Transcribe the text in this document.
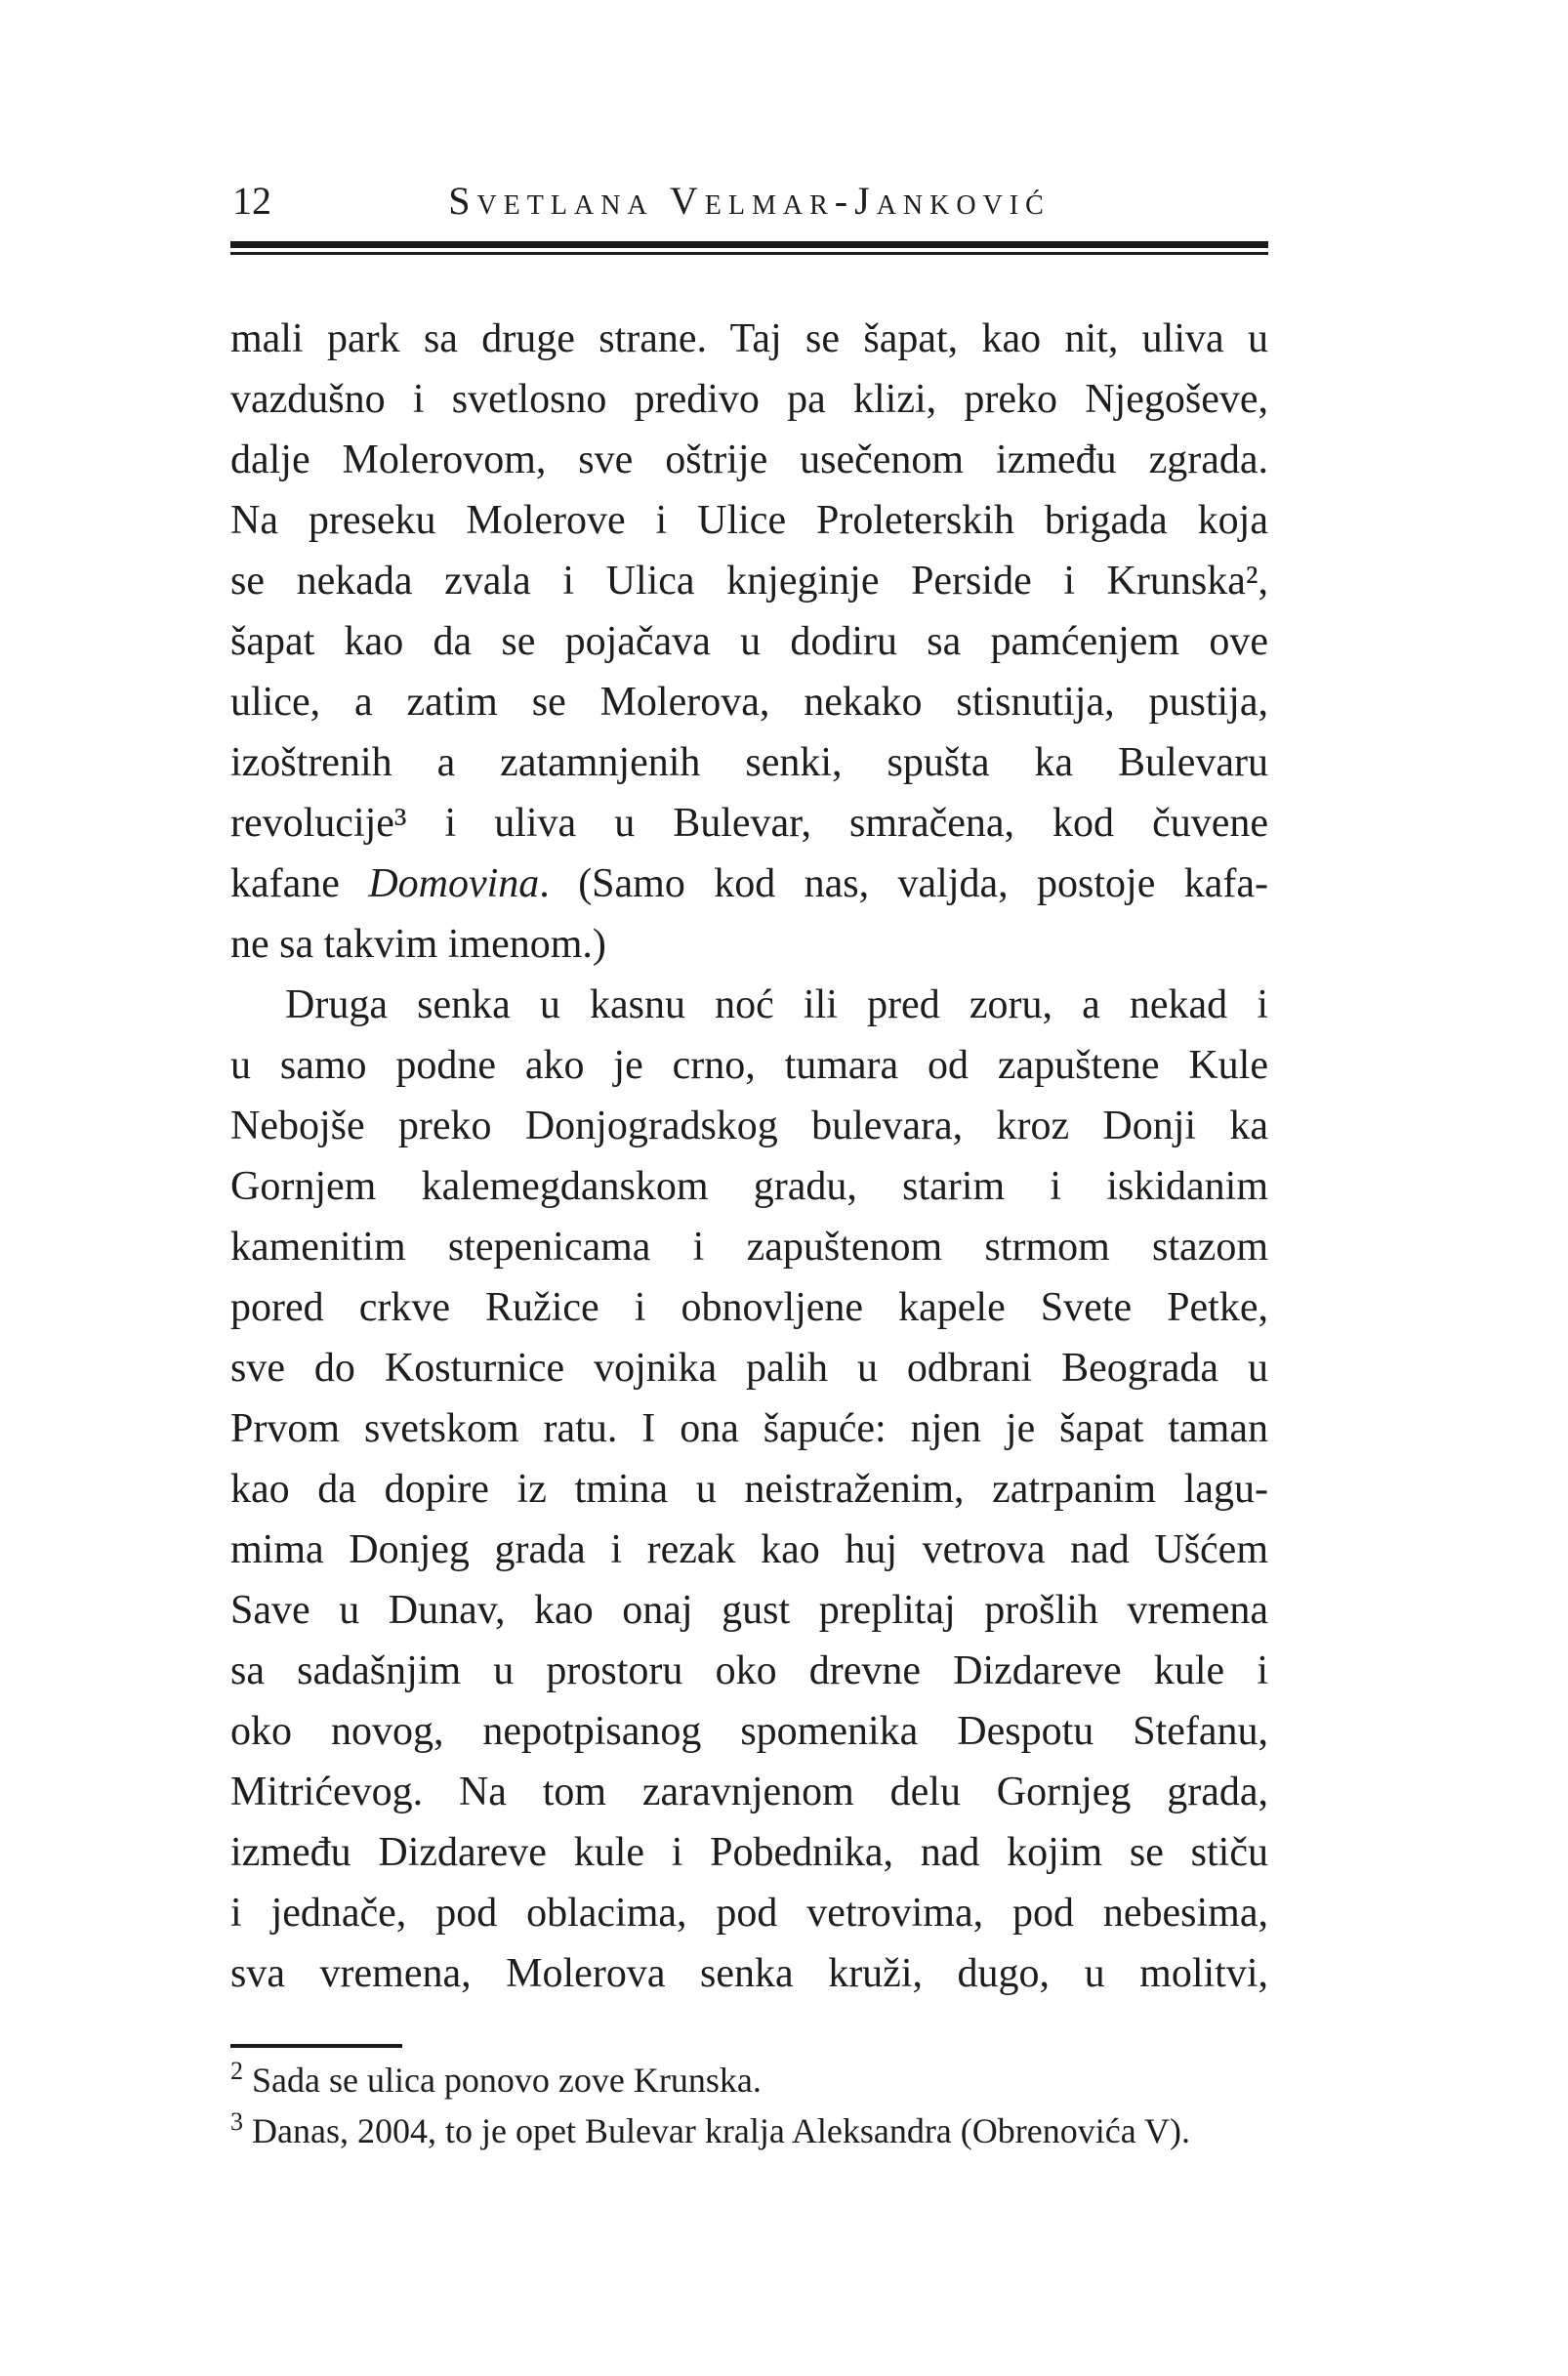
12	Svetlana Velmar-Janković
mali park sa druge strane. Taj se šapat, kao nit, uliva u
vazdušno i svetlosno predivo pa klizi, preko Njegoševe,
dalje Molerovom, sve oštrije usečenom između zgrada.
Na preseku Molerove i Ulice Proleterskih brigada koja
se nekada zvala i Ulica knjeginje Perside i Krunska²,
šapat kao da se pojačava u dodiru sa pamćenjem ove
ulice, a zatim se Molerova, nekako stisnutija, pustija,
izoštrenih a zatamnjenih senki, spušta ka Bulevaru
revolucije³ i uliva u Bulevar, smračena, kod čuvene
kafane Domovina. (Samo kod nas, valjda, postoje kafa-
ne sa takvim imenom.)
Druga senka u kasnu noć ili pred zoru, a nekad i
u samo podne ako je crno, tumara od zapuštene Kule
Nebojše preko Donjogradskog bulevara, kroz Donji ka
Gornjem kalemegdanskom gradu, starim i iskidanim
kamenitim stepenicama i zapuštenom strmom stazom
pored crkve Ružice i obnovljene kapele Svete Petke,
sve do Kosturnice vojnika palih u odbrani Beograda u
Prvom svetskom ratu. I ona šapuće: njen je šapat taman
kao da dopire iz tmina u neistraženim, zatrpanim lagu-
mima Donjeg grada i rezak kao huj vetrova nad Ušćem
Save u Dunav, kao onaj gust preplitaj prošlih vremena
sa sadašnjim u prostoru oko drevne Dizdareve kule i
oko novog, nepotpisanog spomenika Despotu Stefanu,
Mitrićevog. Na tom zaravnjenom delu Gornjeg grada,
između Dizdareve kule i Pobednika, nad kojim se stiču
i jednače, pod oblacima, pod vetrovima, pod nebesima,
sva vremena, Molerova senka kruži, dugo, u molitvi,
$^2$ Sada se ulica ponovo zove Krunska.
$^3$ Danas, 2004, to je opet Bulevar kralja Aleksandra (Obrenovića V).
